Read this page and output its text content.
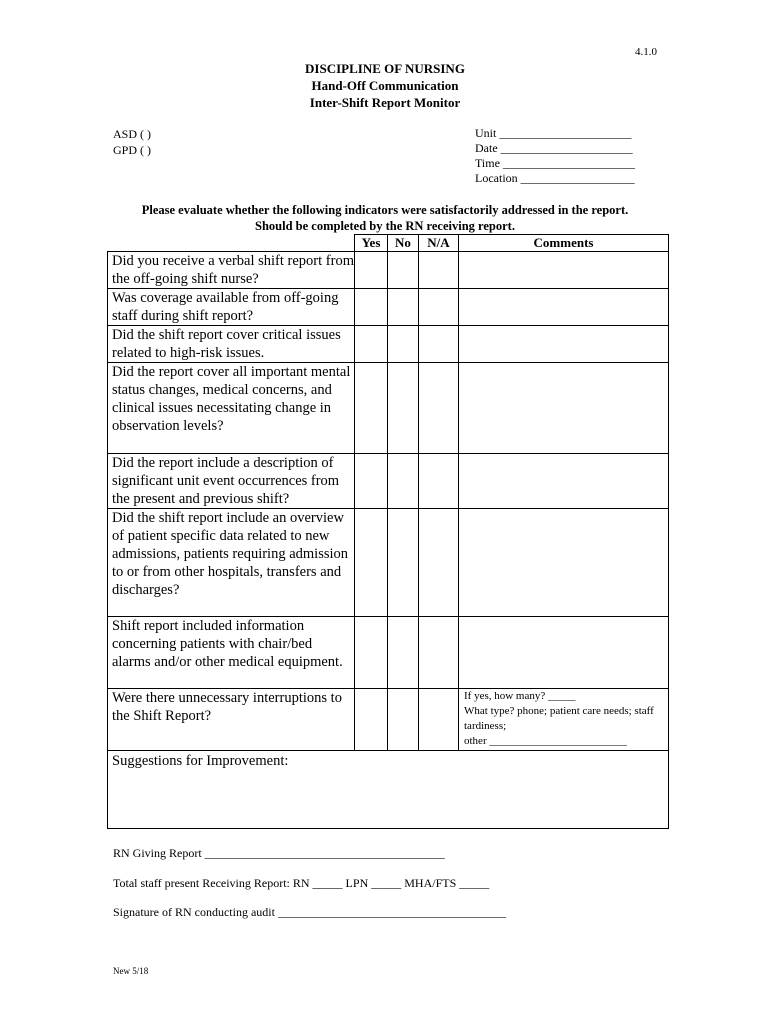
4.1.0
DISCIPLINE OF NURSING
Hand-Off Communication
Inter-Shift Report Monitor
ASD ( )
GPD ( )
Unit ______________________
Date ______________________
Time ______________________
Location ___________________
Please evaluate whether the following indicators were satisfactorily addressed in the report.
Should be completed by the RN receiving report.
	Yes	No	N/A	Comments
Did you receive a verbal shift report from the off-going shift nurse?				
Was coverage available from off-going staff during shift report?				
Did the shift report cover critical issues related to high-risk issues.				
Did the report cover all important mental status changes, medical concerns, and clinical issues necessitating change in observation levels?				
Did the report include a description of significant unit event occurrences from the present and previous shift?				
Did the shift report include an overview of patient specific data related to new admissions, patients requiring admission to or from other hospitals, transfers and discharges?				
Shift report included information concerning patients with chair/bed alarms and/or other medical equipment.				
Were there unnecessary interruptions to the Shift Report?				If yes, how many? _____
What type? phone; patient care needs; staff tardiness;
other _________________________

Suggestions for Improvement:				
RN Giving Report ________________________________________
Total staff present Receiving Report: RN _____ LPN _____ MHA/FTS _____
Signature of RN conducting audit ______________________________________
New 5/18
